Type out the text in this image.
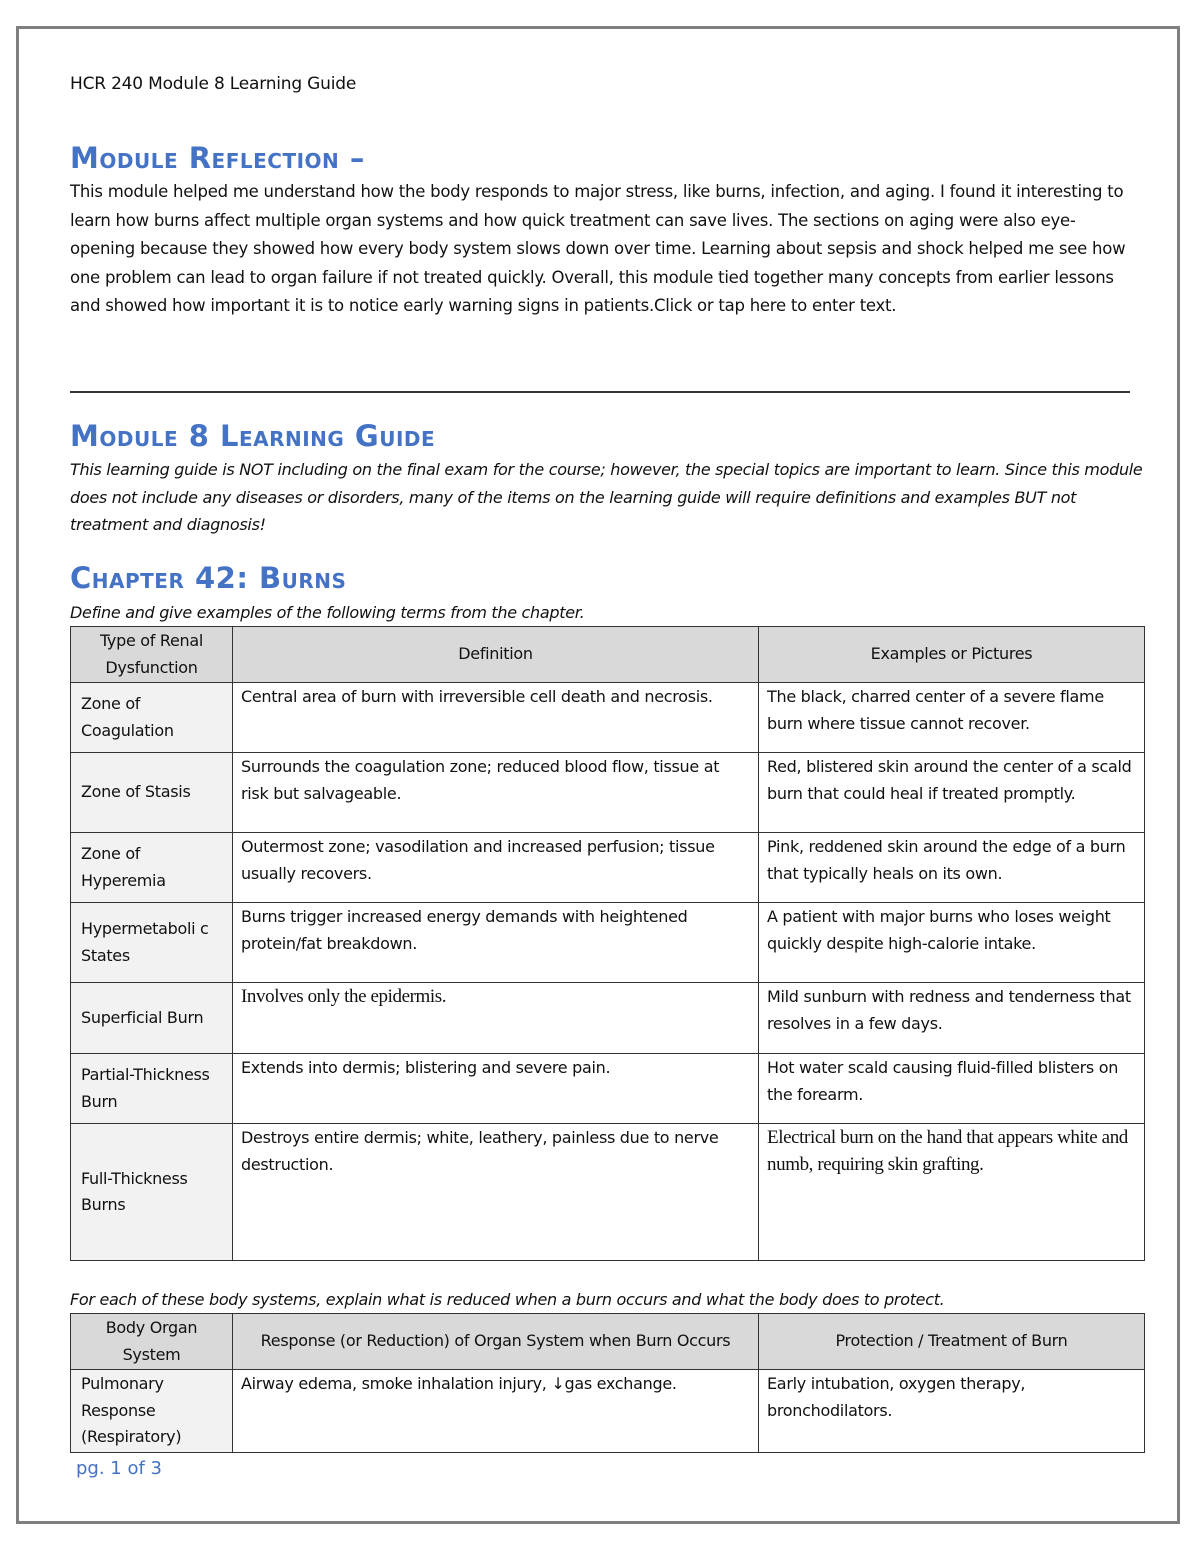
HCR 240 Module 8 Learning Guide
Module Reflection –
This module helped me understand how the body responds to major stress, like burns, infection, and aging. I found it interesting to learn how burns affect multiple organ systems and how quick treatment can save lives. The sections on aging were also eye-opening because they showed how every body system slows down over time. Learning about sepsis and shock helped me see how one problem can lead to organ failure if not treated quickly. Overall, this module tied together many concepts from earlier lessons and showed how important it is to notice early warning signs in patients.Click or tap here to enter text.
Module 8 Learning Guide
This learning guide is NOT including on the final exam for the course; however, the special topics are important to learn. Since this module does not include any diseases or disorders, many of the items on the learning guide will require definitions and examples BUT not treatment and diagnosis!
Chapter 42: Burns
Define and give examples of the following terms from the chapter.
Type of Renal Dysfunction	Definition	Examples or Pictures
Zone of Coagulation	Central area of burn with irreversible cell death and necrosis.	The black, charred center of a severe flame burn where tissue cannot recover.
Zone of Stasis	Surrounds the coagulation zone; reduced blood flow, tissue at risk but salvageable.	Red, blistered skin around the center of a scald burn that could heal if treated promptly.
Zone of Hyperemia	Outermost zone; vasodilation and increased perfusion; tissue usually recovers.	Pink, reddened skin around the edge of a burn that typically heals on its own.
Hypermetaboli c States	Burns trigger increased energy demands with heightened protein/fat breakdown.	A patient with major burns who loses weight quickly despite high-calorie intake.
Superficial Burn	Involves only the epidermis.	Mild sunburn with redness and tenderness that resolves in a few days.
Partial-Thickness Burn	Extends into dermis; blistering and severe pain.	Hot water scald causing fluid-filled blisters on the forearm.
Full-Thickness Burns	Destroys entire dermis; white, leathery, painless due to nerve destruction.	Electrical burn on the hand that appears white and numb, requiring skin grafting.
For each of these body systems, explain what is reduced when a burn occurs and what the body does to protect.
Body Organ System	Response (or Reduction) of Organ System when Burn Occurs	Protection / Treatment of Burn
Pulmonary Response (Respiratory)	Airway edema, smoke inhalation injury, ↓gas exchange.	Early intubation, oxygen therapy, bronchodilators.
pg. 1 of 3
